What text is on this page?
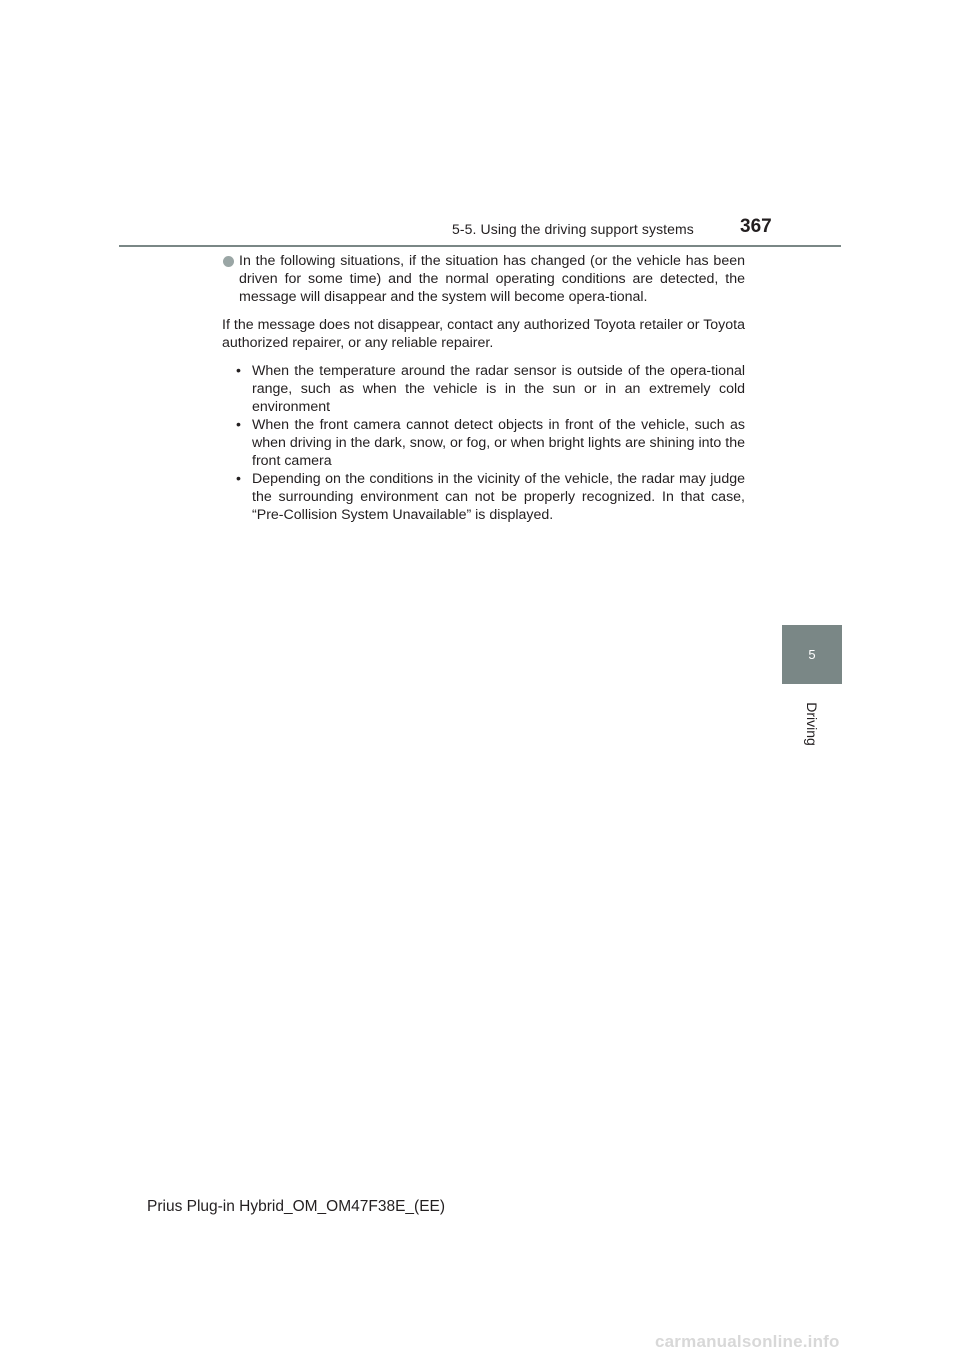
5-5. Using the driving support systems 367

In the following situations, if the situation has changed (or the vehicle has been driven for some time) and the normal operating conditions are detected, the message will disappear and the system will become opera-tional.

If the message does not disappear, contact any authorized Toyota retailer or Toyota authorized repairer, or any reliable repairer.

• When the temperature around the radar sensor is outside of the opera-tional range, such as when the vehicle is in the sun or in an extremely cold environment
• When the front camera cannot detect objects in front of the vehicle, such as when driving in the dark, snow, or fog, or when bright lights are shining into the front camera
• Depending on the conditions in the vicinity of the vehicle, the radar may judge the surrounding environment can not be properly recognized. In that case, “Pre-Collision System Unavailable” is displayed.
5
Driving
Prius Plug-in Hybrid_OM_OM47F38E_(EE)
carmanualsonline.info
